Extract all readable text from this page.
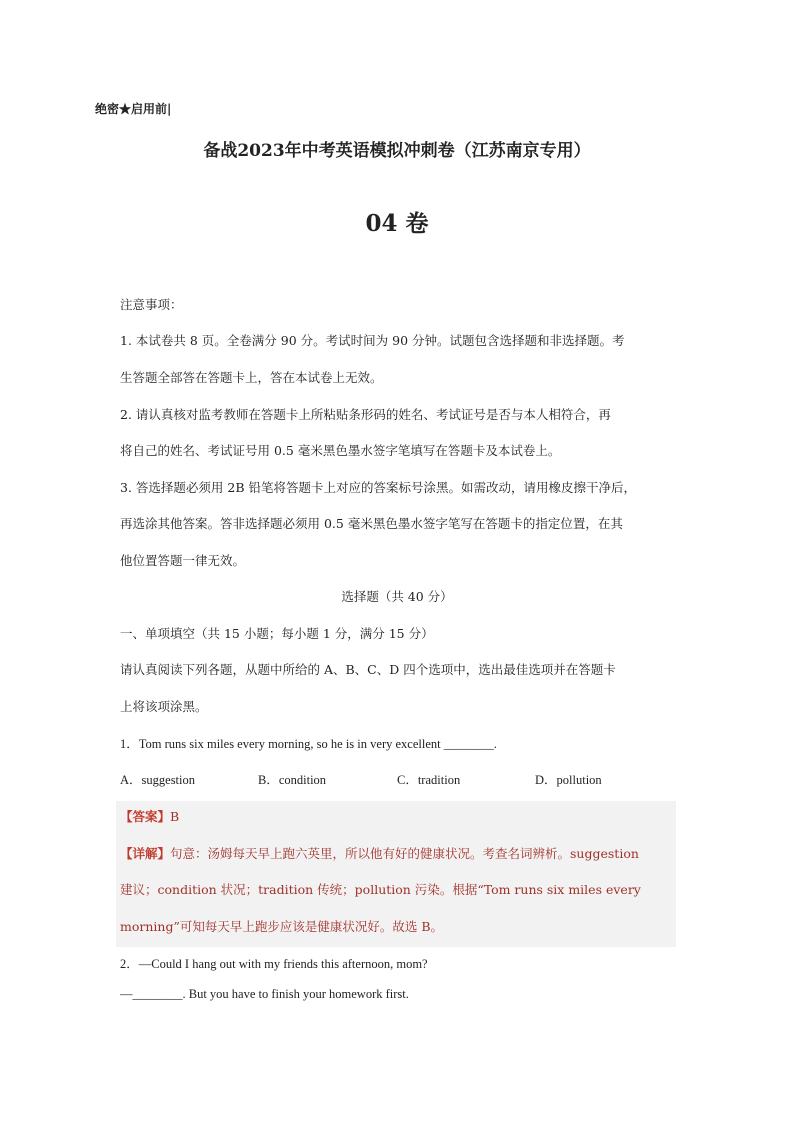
绝密★启用前|
备战2023年中考英语模拟冲刺卷（江苏南京专用）
04 卷
注意事项：
1. 本试卷共 8 页。全卷满分 90 分。考试时间为 90 分钟。试题包含选择题和非选择题。考
生答题全部答在答题卡上，答在本试卷上无效。
2. 请认真核对监考教师在答题卡上所粘贴条形码的姓名、考试证号是否与本人相符合，再
将自己的姓名、考试证号用 0.5 毫米黑色墨水签字笔填写在答题卡及本试卷上。
3. 答选择题必须用 2B 铅笔将答题卡上对应的答案标号涂黑。如需改动，请用橡皮擦干净后，
再选涂其他答案。答非选择题必须用 0.5 毫米黑色墨水签字笔写在答题卡的指定位置，在其
他位置答题一律无效。
选择题（共 40 分）
一、单项填空（共 15 小题；每小题 1 分，满分 15 分）
请认真阅读下列各题，从题中所给的 A、B、C、D 四个选项中，选出最佳选项并在答题卡
上将该项涂黑。
1．Tom runs six miles every morning, so he is in very excellent ________.
A．suggestion	B．condition	C．tradition	D．pollution
【答案】B
【详解】句意：汤姆每天早上跑六英里，所以他有好的健康状况。考查名词辨析。suggestion
建议；condition 状况；tradition 传统；pollution 污染。根据“Tom runs six miles every
morning”可知每天早上跑步应该是健康状况好。故选 B。
2．—Could I hang out with my friends this afternoon, mom?
—________. But you have to finish your homework first.
